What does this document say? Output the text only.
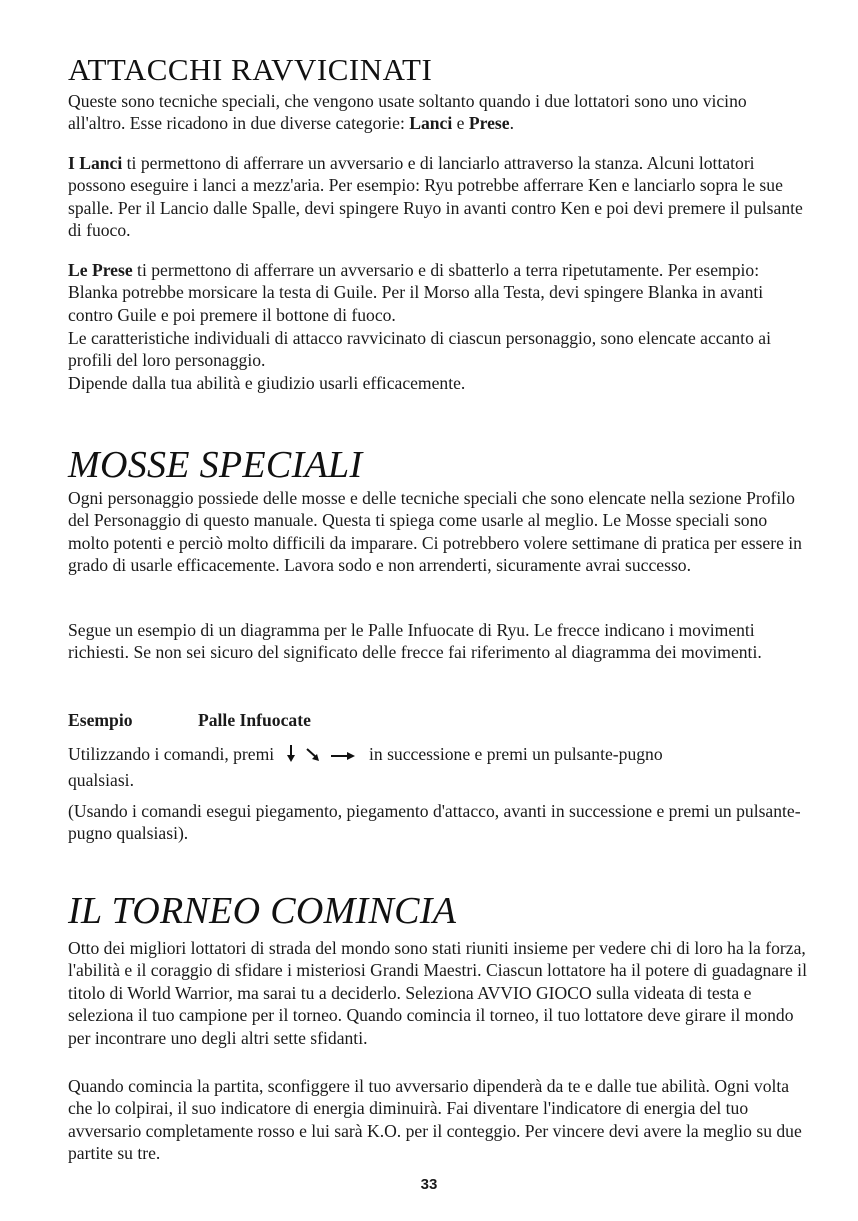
ATTACCHI RAVVICINATI

Queste sono tecniche speciali, che vengono usate soltanto quando i due lottatori sono uno vicino all'altro. Esse ricadono in due diverse categorie: Lanci e Prese.

I Lanci ti permettono di afferrare un avversario e di lanciarlo attraverso la stanza. Alcuni lottatori possono eseguire i lanci a mezz'aria. Per esempio: Ryu potrebbe afferrare Ken e lanciarlo sopra le sue spalle. Per il Lancio dalle Spalle, devi spingere Ruyo in avanti contro Ken e poi devi premere il pulsante di fuoco.

Le Prese ti permettono di afferrare un avversario e di sbatterlo a terra ripetutamente. Per esempio: Blanka potrebbe morsicare la testa di Guile. Per il Morso alla Testa, devi spingere Blanka in avanti contro Guile e poi premere il bottone di fuoco.

Le caratteristiche individuali di attacco ravvicinato di ciascun personaggio, sono elencate accanto ai profili del loro personaggio.

Dipende dalla tua abilità e giudizio usarli efficacemente.

MOSSE SPECIALI

Ogni personaggio possiede delle mosse e delle tecniche speciali che sono elencate nella sezione Profilo del Personaggio di questo manuale. Questa ti spiega come usarle al meglio. Le Mosse speciali sono molto potenti e perciò molto difficili da imparare. Ci potrebbero volere settimane di pratica per essere in grado di usarle efficacemente. Lavora sodo e non arrenderti, sicuramente avrai successo.

Segue un esempio di un diagramma per le Palle Infuocate di Ryu. Le frecce indicano i movimenti richiesti. Se non sei sicuro del significato delle frecce fai riferimento al diagramma dei movimenti.

Esempio	Palle Infuocate
Utilizzando i comandi, premi	in successione e premi un pulsante-pugno
qualsiasi.

(Usando i comandi esegui piegamento, piegamento d'attacco, avanti in successione e premi un pulsante-pugno qualsiasi).

IL TORNEO COMINCIA

Otto dei migliori lottatori di strada del mondo sono stati riuniti insieme per vedere chi di loro ha la forza, l'abilità e il coraggio di sfidare i misteriosi Grandi Maestri. Ciascun lottatore ha il potere di guadagnare il titolo di World Warrior, ma sarai tu a deciderlo. Seleziona AVVIO GIOCO sulla videata di testa e seleziona il tuo campione per il torneo. Quando comincia il torneo, il tuo lottatore deve girare il mondo per incontrare uno degli altri sette sfidanti.

Quando comincia la partita, sconfiggere il tuo avversario dipenderà da te e dalle tue abilità. Ogni volta che lo colpirai, il suo indicatore di energia diminuirà. Fai diventare l'indicatore di energia del tuo avversario completamente rosso e lui sarà K.O. per il conteggio. Per vincere devi avere la meglio su due partite su tre.

33
